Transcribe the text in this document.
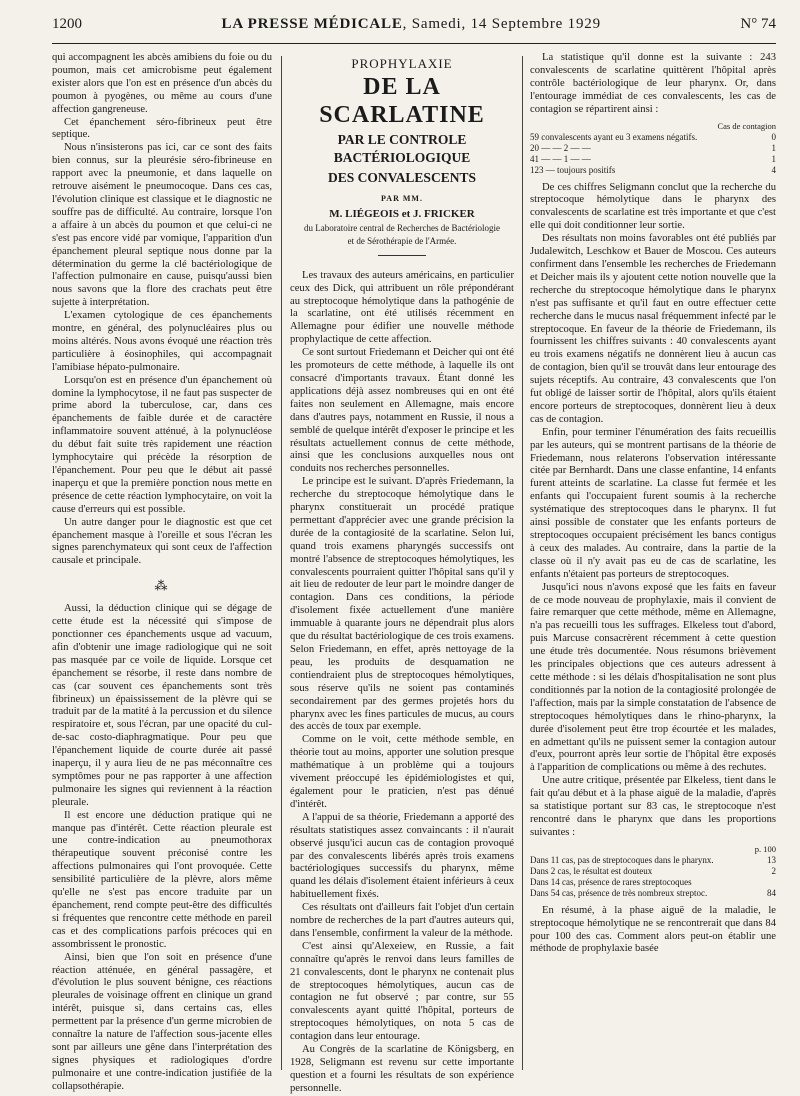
1200	LA PRESSE MÉDICALE, Samedi, 14 Septembre 1929	N° 74

qui accompagnent les abcès amibiens du foie ou du poumon, mais cet amicrobisme peut également exister alors que l'on est en présence d'un abcès du poumon à pyogènes, ou même au cours d'une affection gangreneuse.

Cet épanchement séro-fibrineux peut être septique.

Nous n'insisterons pas ici, car ce sont des faits bien connus, sur la pleurésie séro-fibrineuse en rapport avec la pneumonie, et dans laquelle on retrouve aisément le pneumocoque. Dans ces cas, l'évolution clinique est classique et le diagnostic ne souffre pas de difficulté. Au contraire, lorsque l'on a affaire à un abcès du poumon et que celui-ci ne s'est pas encore vidé par vomique, l'apparition d'un épanchement pleural septique nous donne par la détermination du germe la clé bactériologique de l'affection pulmonaire en cause, puisqu'aussi bien nous savons que la flore des crachats peut être sujette à interprétation.

L'examen cytologique de ces épanchements montre, en général, des polynucléaires plus ou moins altérés. Nous avons évoqué une réaction très particulière à éosinophiles, qui accompagnait l'amibiase hépato-pulmonaire.

Lorsqu'on est en présence d'un épanchement où domine la lymphocytose, il ne faut pas suspecter de prime abord la tuberculose, car, dans ces épanchements de faible durée et de caractère inflammatoire souvent atténué, à la polynucléose du début fait suite très rapidement une réaction lymphocytaire qui précède la résorption de l'épanchement. Pour peu que le début ait passé inaperçu et que la première ponction nous mette en présence de cette réaction lymphocytaire, on voit la cause d'erreurs qui est possible.

Un autre danger pour le diagnostic est que cet épanchement masque à l'oreille et sous l'écran les signes parenchymateux qui sont ceux de l'affection causale et principale.

⁂

Aussi, la déduction clinique qui se dégage de cette étude est la nécessité qui s'impose de ponctionner ces épanchements usque ad vacuum, afin d'obtenir une image radiologique qui ne soit pas masquée par ce voile de liquide. Lorsque cet épanchement se résorbe, il reste dans nombre de cas (car souvent ces épanchements sont très fibrineux) un épaississement de la plèvre qui se traduit par de la matité à la percussion et du silence respiratoire et, sous l'écran, par une opacité du cul-de-sac costo-diaphragmatique. Pour peu que l'épanchement liquide de courte durée ait passé inaperçu, il y aura lieu de ne pas méconnaître ces symptômes pour ne pas rapporter à une affection pulmonaire les signes qui reviennent à la réaction pleurale.

Il est encore une déduction pratique qui ne manque pas d'intérêt. Cette réaction pleurale est une contre-indication au pneumothorax thérapeutique souvent préconisé contre les affections pulmonaires qui l'ont provoquée. Cette sensibilité particulière de la plèvre, alors même qu'elle ne s'est pas encore traduite par un épanchement, rend compte peut-être des difficultés si fréquentes que rencontre cette méthode en pareil cas et des complications parfois précoces qui en assombrissent le pronostic.

Ainsi, bien que l'on soit en présence d'une réaction atténuée, en général passagère, et d'évolution le plus souvent bénigne, ces réactions pleurales de voisinage offrent en clinique un grand intérêt, puisque si, dans certains cas, elles permettent par la présence d'un germe microbien de connaître la nature de l'affection sous-jacente elles sont par ailleurs une gêne dans l'interprétation des signes physiques et radiologiques d'ordre pulmonaire et une contre-indication justifiée de la collapsothérapie.

PROPHYLAXIE
DE LA SCARLATINE
PAR LE CONTROLE BACTÉRIOLOGIQUE
DES CONVALESCENTS
PAR MM.
M. LIÉGEOIS et J. FRICKER
du Laboratoire central de Recherches de Bactériologie
et de Sérothérapie de l'Armée.

Les travaux des auteurs américains, en particulier ceux des Dick, qui attribuent un rôle prépondérant au streptocoque hémolytique dans la pathogénie de la scarlatine, ont été utilisés récemment en Allemagne pour édifier une nouvelle méthode prophylactique de cette affection.

Ce sont surtout Friedemann et Deicher qui ont été les promoteurs de cette méthode, à laquelle ils ont consacré d'importants travaux. Étant donné les applications déjà assez nombreuses qui en ont été faites non seulement en Allemagne, mais encore dans d'autres pays, notamment en Russie, il nous a semblé de quelque intérêt d'exposer le principe et les résultats actuellement connus de cette méthode, ainsi que les conclusions auxquelles nous ont conduits nos recherches personnelles.

Le principe est le suivant. D'après Friedemann, la recherche du streptocoque hémolytique dans le pharynx constituerait un procédé pratique permettant d'apprécier avec une grande précision la durée de la contagiosité de la scarlatine. Selon lui, quand trois examens pharyngés successifs ont montré l'absence de streptocoques hémolytiques, les convalescents pourraient quitter l'hôpital sans qu'il y ait lieu de redouter de leur part le moindre danger de contagion. Dans ces conditions, la période d'isolement fixée actuellement d'une manière immuable à quarante jours ne dépendrait plus alors que du résultat bactériologique de ces trois examens. Selon Friedemann, en effet, après nettoyage de la peau, les produits de desquamation ne contiendraient plus de streptocoques hémolytiques, sous réserve qu'ils ne soient pas contaminés secondairement par des germes projetés hors du pharynx avec les fines particules de mucus, au cours des accès de toux par exemple.

Comme on le voit, cette méthode semble, en théorie tout au moins, apporter une solution presque mathématique à un problème qui a toujours vivement préoccupé les épidémiologistes et qui, également pour le praticien, n'est pas dénué d'intérêt.

A l'appui de sa théorie, Friedemann a apporté des résultats statistiques assez convaincants : il n'aurait observé jusqu'ici aucun cas de contagion provoqué par des convalescents libérés après trois examens bactériologiques successifs du pharynx, même quand les délais d'isolement étaient inférieurs à ceux habituellement fixés.

Ces résultats ont d'ailleurs fait l'objet d'un certain nombre de recherches de la part d'autres auteurs qui, dans l'ensemble, confirment la valeur de la méthode.

C'est ainsi qu'Alexeiew, en Russie, a fait connaître qu'après le renvoi dans leurs familles de 21 convalescents, dont le pharynx ne contenait plus de streptocoques hémolytiques, aucun cas de contagion ne fut observé ; par contre, sur 55 convalescents ayant quitté l'hôpital, porteurs de streptocoques hémolytiques, on nota 5 cas de contagion dans leur entourage.

Au Congrès de la scarlatine de Königsberg, en 1928, Seligmann est revenu sur cette importante question et a fourni les résultats de son expérience personnelle.

La statistique qu'il donne est la suivante : 243 convalescents de scarlatine quittèrent l'hôpital après contrôle bactériologique de leur pharynx. Or, dans l'entourage immédiat de ces convalescents, les cas de contagion se répartirent ainsi :

Cas de contagion
59 convalescents ayant eu 3 examens négatifs.	0
20 — — 2 — —	1
41 — — 1 — —	1
123 — toujours positifs	4

De ces chiffres Seligmann conclut que la recherche du streptocoque hémolytique dans le pharynx des convalescents de scarlatine est très importante et que c'est elle qui doit conditionner leur sortie.

Des résultats non moins favorables ont été publiés par Judalewitch, Leschkow et Bauer de Moscou. Ces auteurs confirment dans l'ensemble les recherches de Friedemann et Deicher mais ils y ajoutent cette notion nouvelle que la recherche du streptocoque hémolytique dans le pharynx n'est pas suffisante et qu'il faut en outre effectuer cette recherche dans le mucus nasal fréquemment infecté par le streptocoque. En faveur de la théorie de Friedemann, ils fournissent les chiffres suivants : 40 convalescents ayant eu trois examens négatifs ne donnèrent lieu à aucun cas de contagion, bien qu'il se trouvât dans leur entourage des sujets réceptifs. Au contraire, 43 convalescents que l'on fut obligé de laisser sortir de l'hôpital, alors qu'ils étaient encore porteurs de streptocoques, donnèrent lieu à deux cas de contagion.

Enfin, pour terminer l'énumération des faits recueillis par les auteurs, qui se montrent partisans de la théorie de Friedemann, nous relaterons l'observation intéressante citée par Bernhardt. Dans une classe enfantine, 14 enfants furent atteints de scarlatine. La classe fut fermée et les enfants qui l'occupaient furent soumis à la recherche systématique des streptocoques dans le pharynx. Il fut ainsi possible de constater que les enfants porteurs de streptocoques occupaient précisément les bancs contigus à ceux des malades. Au contraire, dans la partie de la classe où il n'y avait pas eu de cas de scarlatine, les enfants n'étaient pas porteurs de streptocoques.

Jusqu'ici nous n'avons exposé que les faits en faveur de ce mode nouveau de prophylaxie, mais il convient de faire remarquer que cette méthode, même en Allemagne, n'a pas recueilli tous les suffrages. Elkeless tout d'abord, puis Marcuse consacrèrent récemment à cette question une étude très documentée. Nous résumons brièvement les principales objections que ces auteurs adressent à cette méthode : si les délais d'hospitalisation ne sont plus conditionnés par la notion de la contagiosité prolongée de l'affection, mais par la simple constatation de l'absence de streptocoques hémolytiques dans le rhino-pharynx, la durée d'isolement peut être trop écourtée et les malades, en admettant qu'ils ne puissent semer la contagion autour d'eux, pourront après leur sortie de l'hôpital être exposés à l'apparition de complications ou même à des rechutes.

Une autre critique, présentée par Elkeless, tient dans le fait qu'au début et à la phase aiguë de la maladie, d'après sa statistique portant sur 83 cas, le streptocoque n'est rencontré dans le pharynx que dans les proportions suivantes :

p. 100
Dans 11 cas, pas de streptocoques dans le pharynx.	13
Dans 2 cas, le résultat est douteux	2
Dans 14 cas, présence de rares streptocoques
Dans 54 cas, présence de très nombreux streptoc.	84

En résumé, à la phase aiguë de la maladie, le streptocoque hémolytique ne se rencontrerait que dans 84 pour 100 des cas. Comment alors peut-on établir une méthode de prophylaxie basée
